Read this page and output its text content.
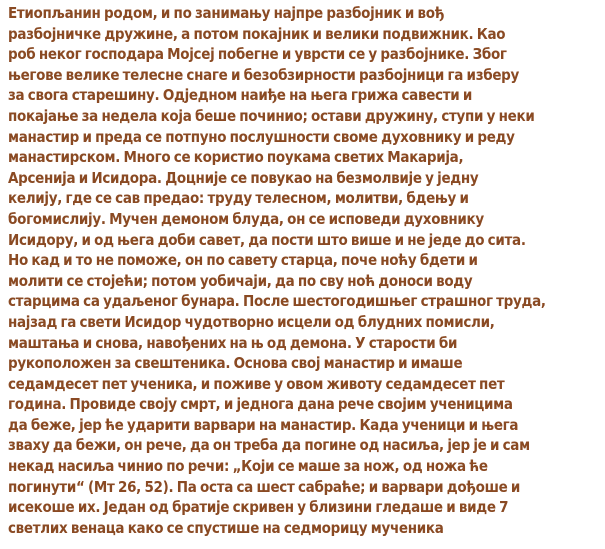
Етиопљанин родом, и по занимању најпре разбојник и вођ
разбојничке дружине, а потом покајник и велики подвижник. Као
роб неког господара Мојсеј побегне и уврсти се у разбојнике. Због
његове велике телесне снаге и безобзирности разбојници га изберу
за свога старешину. Одједном наиђе на њега грижа савести и
покајање за недела која беше починио; остави дружину, ступи у неки
манастир и преда се потпуно послушности своме духовнику и реду
манастирском. Много се користио поукама светих Макарија,
Арсенија и Исидора. Доцније се повукао на безмолвије у једну
келију, где се сав предао: труду телесном, молитви, бдењу и
богомислију. Мучен демоном блуда, он се исповеди духовнику
Исидору, и од њега доби савет, да пости што више и не једе до сита.
Но кад и то не поможе, он по савету старца, поче ноћу бдети и
молити се стојећи; потом уобичаји, да по сву ноћ доноси воду
старцима са удаљеног бунара. После шестогодишњег страшног труда,
најзад га свети Исидор чудотворно исцели од блудних помисли,
маштања и снова, навођених на њ од демона. У старости би
рукоположен за свештеника. Основа свој манастир и имаше
седамдесет пет ученика, и поживе у овом животу седамдесет пет
година. Провиде своју смрт, и једнога дана рече својим ученицима
да беже, јер ће ударити варвари на манастир. Када ученици и њега
зваху да бежи, он рече, да он треба да погине од насиља, јер је и сам
некад насиља чинио по речи: „Који се маше за нож, од ножа ће
погинути“ (Мт 26, 52). Па оста са шест сабраће; и варвари дођоше и
исекоше их. Један од братије скривен у близини гледаше и виде 7
светлих венаца како се спустише на седморицу мученика
